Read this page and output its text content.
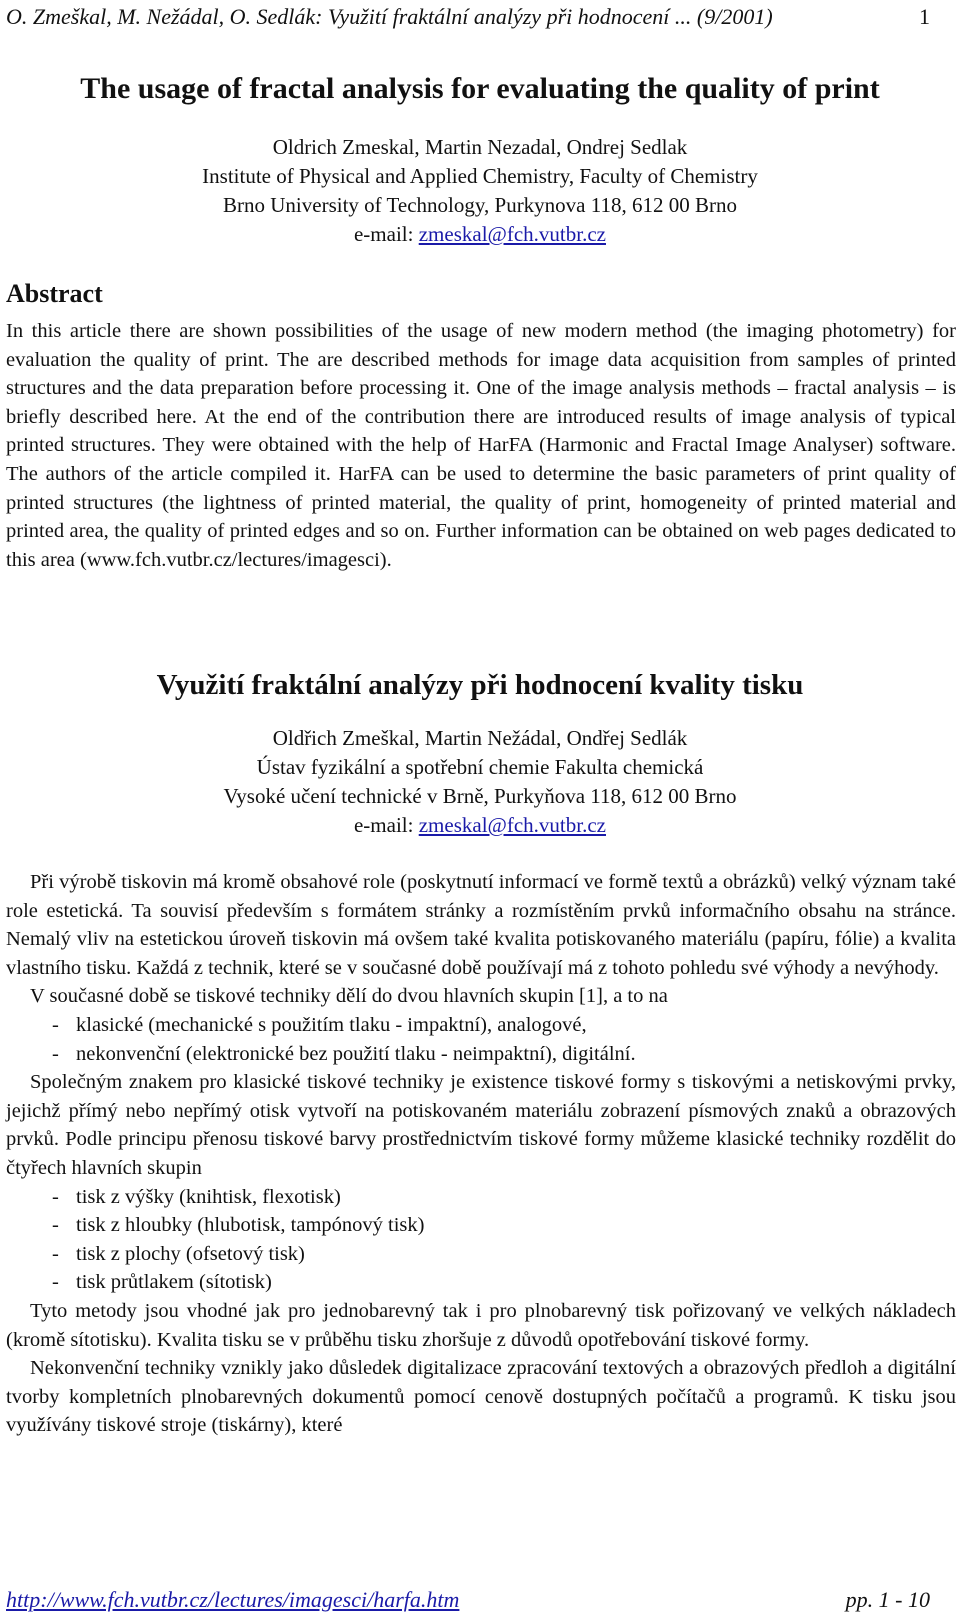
O. Zmeškal, M. Nežádal, O. Sedlák: Využití fraktální analýzy při hodnocení ... (9/2001)	1
The usage of fractal analysis for evaluating the quality of print
Oldrich Zmeskal, Martin Nezadal, Ondrej Sedlak
Institute of Physical and Applied Chemistry, Faculty of Chemistry
Brno University of Technology, Purkynova 118, 612 00 Brno
e-mail: zmeskal@fch.vutbr.cz
Abstract
In this article there are shown possibilities of the usage of new modern method (the imaging photometry) for evaluation the quality of print. The are described methods for image data acquisition from samples of printed structures and the data preparation before processing it. One of the image analysis methods – fractal analysis – is briefly described here. At the end of the contribution there are introduced results of image analysis of typical printed structures. They were obtained with the help of HarFA (Harmonic and Fractal Image Analyser) software. The authors of the article compiled it. HarFA can be used to determine the basic parameters of print quality of printed structures (the lightness of printed material, the quality of print, homogeneity of printed material and printed area, the quality of printed edges and so on. Further information can be obtained on web pages dedicated to this area (www.fch.vutbr.cz/lectures/imagesci).
Využití fraktální analýzy při hodnocení kvality tisku
Oldřich Zmeškal, Martin Nežádal, Ondřej Sedlák
Ústav fyzikální a spotřební chemie Fakulta chemická
Vysoké učení technické v Brně, Purkyňova 118, 612 00 Brno
e-mail: zmeskal@fch.vutbr.cz

Při výrobě tiskovin má kromě obsahové role (poskytnutí informací ve formě textů a obrázků) velký význam také role estetická. Ta souvisí především s formátem stránky a rozmístěním prvků informačního obsahu na stránce. Nemalý vliv na estetickou úroveň tiskovin má ovšem také kvalita potiskovaného materiálu (papíru, fólie) a kvalita vlastního tisku. Každá z technik, které se v současné době používají má z tohoto pohledu své výhody a nevýhody.

V současné době se tiskové techniky dělí do dvou hlavních skupin [1], a to na

- klasické (mechanické s použitím tlaku - impaktní), analogové,
- nekonvenční (elektronické bez použití tlaku - neimpaktní), digitální.

Společným znakem pro klasické tiskové techniky je existence tiskové formy s tiskovými a netiskovými prvky, jejichž přímý nebo nepřímý otisk vytvoří na potiskovaném materiálu zobrazení písmových znaků a obrazových prvků. Podle principu přenosu tiskové barvy prostřednictvím tiskové formy můžeme klasické techniky rozdělit do čtyřech hlavních skupin

- tisk z výšky (knihtisk, flexotisk)
- tisk z hloubky (hlubotisk, tampónový tisk)
- tisk z plochy (ofsetový tisk)
- tisk průtlakem (sítotisk)

Tyto metody jsou vhodné jak pro jednobarevný tak i pro plnobarevný tisk pořizovaný ve velkých nákladech (kromě sítotisku). Kvalita tisku se v průběhu tisku zhoršuje z důvodů opotřebování tiskové formy.

Nekonvenční techniky vznikly jako důsledek digitalizace zpracování textových a obrazových předloh a digitální tvorby kompletních plnobarevných dokumentů pomocí cenově dostupných počítačů a programů. K tisku jsou využívány tiskové stroje (tiskárny), které

http://www.fch.vutbr.cz/lectures/imagesci/harfa.htm	pp. 1 - 10
